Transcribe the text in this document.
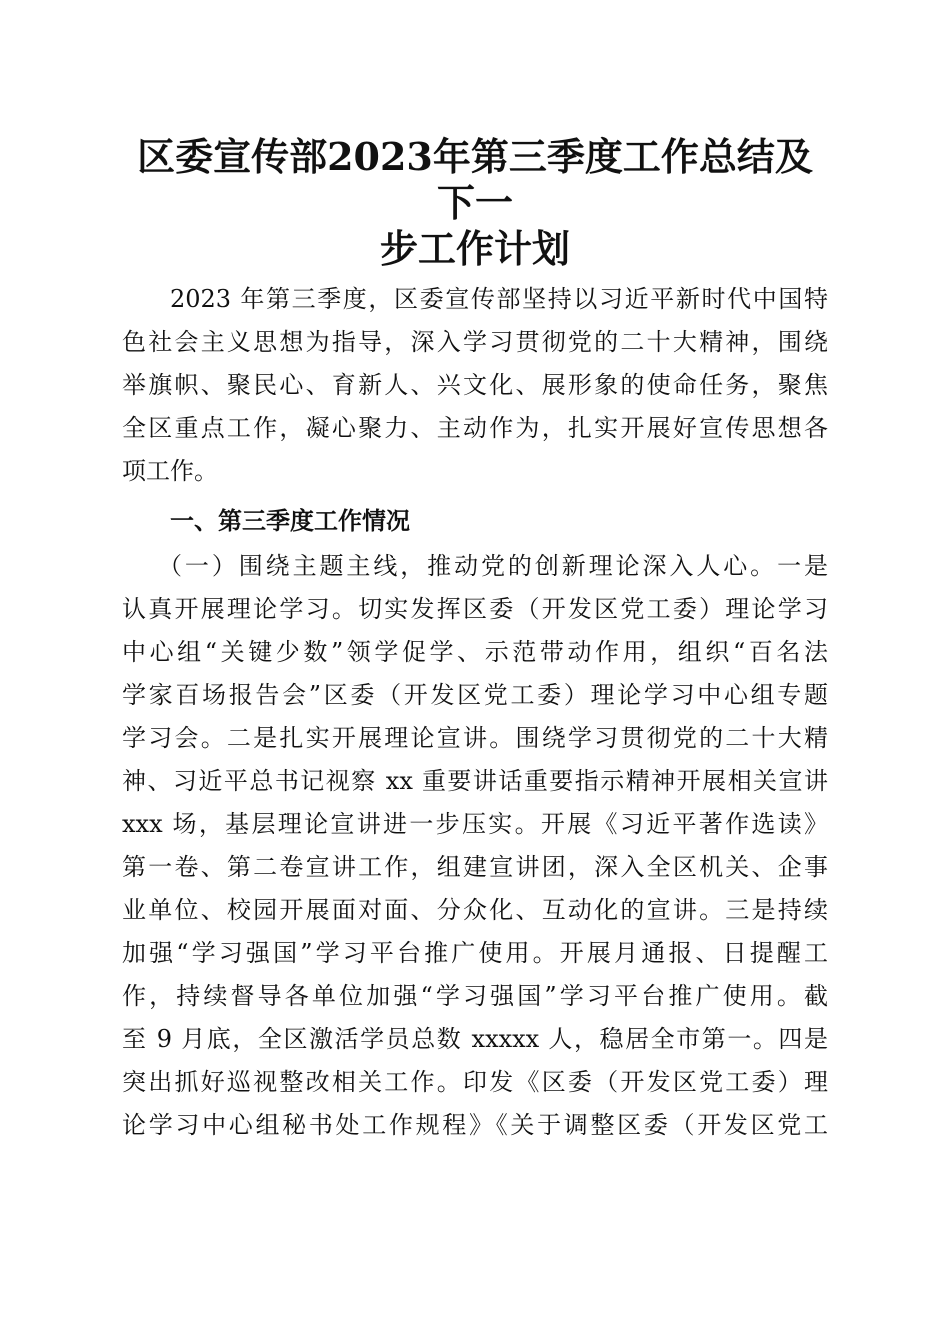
区委宣传部2023年第三季度工作总结及下一
步工作计划
2023 年第三季度，区委宣传部坚持以习近平新时代中国特
色社会主义思想为指导，深入学习贯彻党的二十大精神，围绕
举旗帜、聚民心、育新人、兴文化、展形象的使命任务，聚焦
全区重点工作，凝心聚力、主动作为，扎实开展好宣传思想各
项工作。
一、第三季度工作情况
（一）围绕主题主线，推动党的创新理论深入人心。一是
认真开展理论学习。切实发挥区委（开发区党工委）理论学习
中心组“关键少数”领学促学、示范带动作用，组织“百名法
学家百场报告会”区委（开发区党工委）理论学习中心组专题
学习会。二是扎实开展理论宣讲。围绕学习贯彻党的二十大精
神、习近平总书记视察 xx 重要讲话重要指示精神开展相关宣讲
xxx 场，基层理论宣讲进一步压实。开展《习近平著作选读》
第一卷、第二卷宣讲工作，组建宣讲团，深入全区机关、企事
业单位、校园开展面对面、分众化、互动化的宣讲。三是持续
加强“学习强国”学习平台推广使用。开展月通报、日提醒工
作，持续督导各单位加强“学习强国”学习平台推广使用。截
至 9 月底，全区激活学员总数 xxxxx 人，稳居全市第一。四是
突出抓好巡视整改相关工作。印发《区委（开发区党工委）理
论学习中心组秘书处工作规程》《关于调整区委（开发区党工
